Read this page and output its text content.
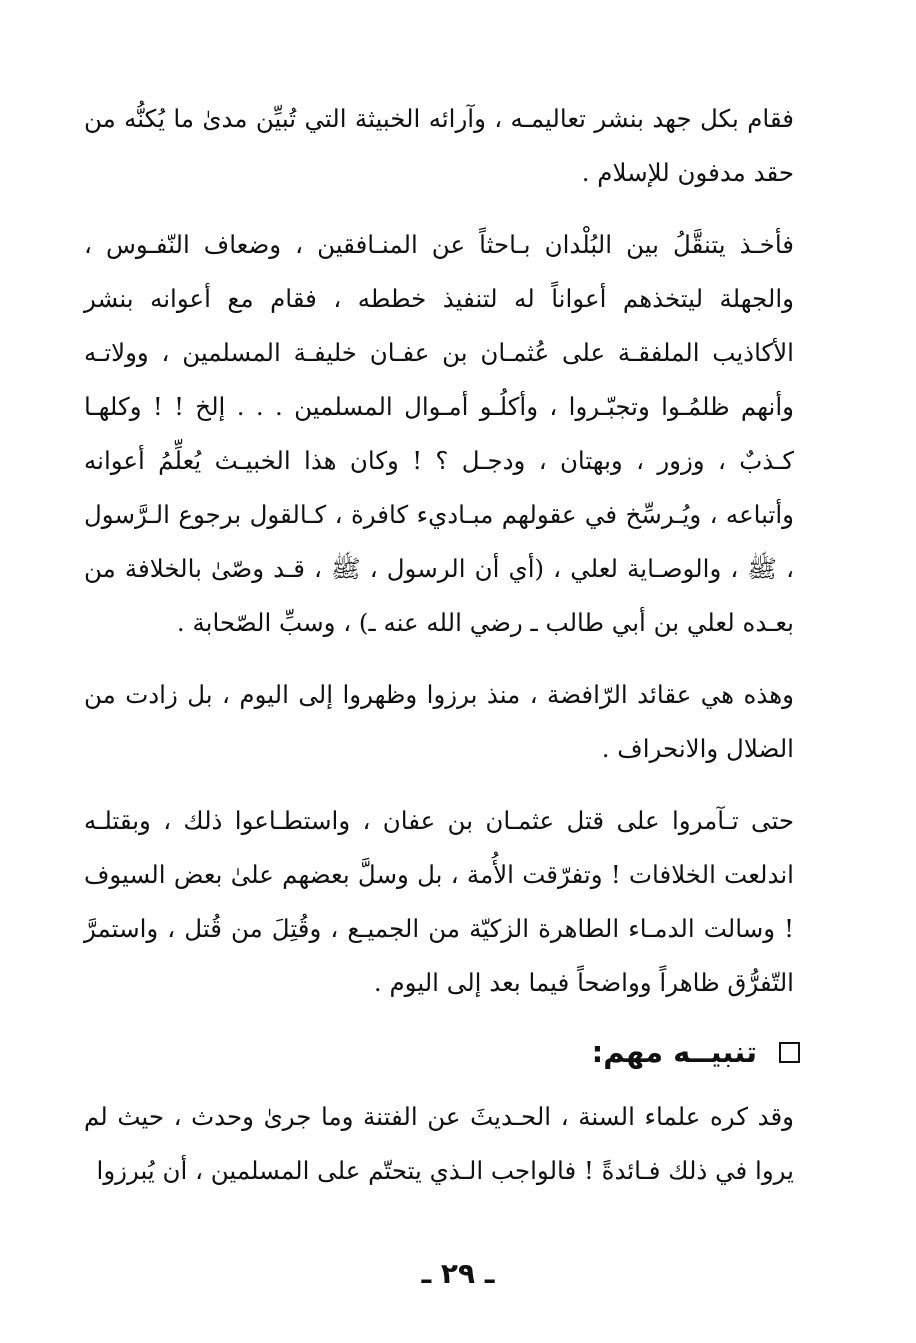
فقام بكل جهد بنشر تعاليمـه ، وآرائه الخبيثة التي تُبيِّن مدىٰ ما يُكنُّه من حقد مدفون للإسلام .

فأخـذ يتنقَّلُ بين البُلْدان بـاحثاً عن المنـافقين ، وضعاف النّفـوس ، والجهلة ليتخذهم أعواناً له لتنفيذ خططه ، فقام مع أعوانه بنشر الأكاذيب الملفقـة على عُثمـان بن عفـان خليفـة المسلمين ، وولاتـه وأنهم ظلمُـوا وتجبّـروا ، وأكلُـو أمـوال المسلمين . . . إلخ ! ! وكلهـا كـذبٌ ، وزور ، وبهتان ، ودجـل ؟ ! وكان هذا الخبيـث يُعلِّمُ أعوانه وأتباعه ، ويُـرسِّخ في عقولهم مبـاديء كافرة ، كـالقول برجوع الـرَّسول ، ﷺ ، والوصـاية لعلي ، (أي أن الرسول ، ﷺ ، قـد وصّىٰ بالخلافة من بعـده لعلي بن أبي طالب ـ رضي الله عنه ـ) ، وسبِّ الصّحابة .

وهذه هي عقائد الرّافضة ، منذ برزوا وظهروا إلى اليوم ، بل زادت من الضلال والانحراف .

حتى تـآمروا على قتل عثمـان بن عفان ، واستطـاعوا ذلك ، وبقتلـه اندلعت الخلافات ! وتفرّقت الأُمة ، بل وسلَّ بعضهم علىٰ بعض السيوف ! وسالت الدمـاء الطاهرة الزكيّة من الجميـع ، وقُتِلَ من قُتل ، واستمرَّ التّفرُّق ظاهراً وواضحاً فيما بعد إلى اليوم .

تنبيــه مهم:

وقد كره علماء السنة ، الحـديثَ عن الفتنة وما جرىٰ وحدث ، حيث لم يروا في ذلك فـائدةً ! فالواجب الـذي يتحتّم على المسلمين ، أن يُبرزوا

ـ ٢٩ ـ
